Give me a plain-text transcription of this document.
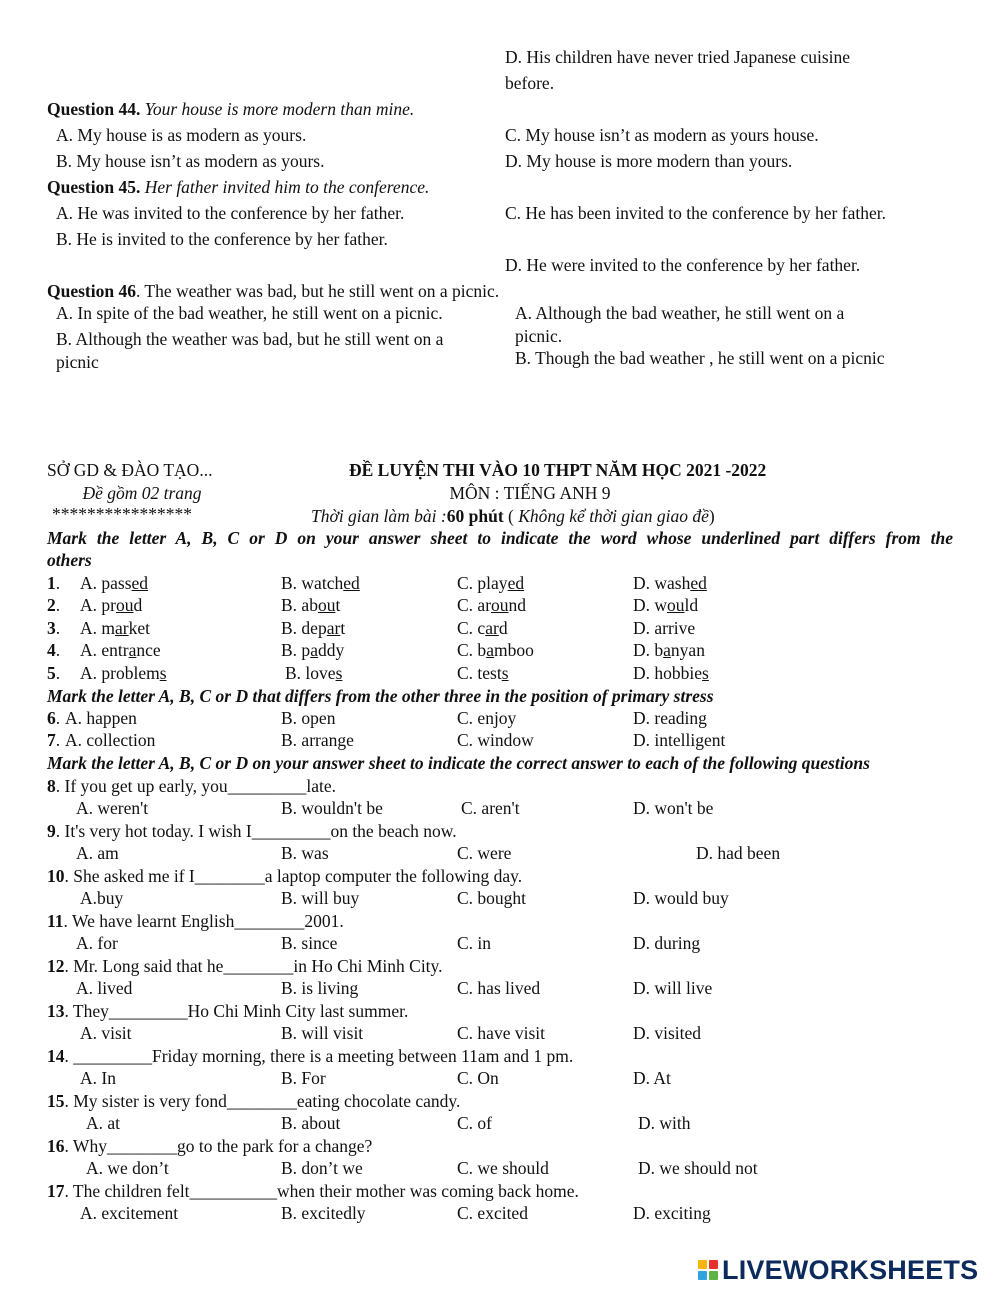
D. His children have never tried Japanese cuisine
before.
Question 44. Your house is more modern than mine.
A. My house is as modern as yours.	C. My house isn’t as modern as yours house.
B. My house isn’t as modern as yours.	D. My house is more modern than yours.
Question 45. Her father invited him to the conference.
A. He was invited to the conference by her father.	C. He has been invited to the conference by her father.
B. He is invited to the conference by her father.
D. He were invited to the conference by her father.
Question 46. The weather was bad, but he still went on a picnic.
A. In spite of the bad weather, he still went on a picnic.	A. Although the bad weather, he still went on a
picnic.
B. Although the weather was bad, but he still went on a
picnic	B. Though the bad weather , he still went on a picnic
SỞ GD & ĐÀO TẠO...	ĐỀ LUYỆN THI VÀO 10 THPT NĂM HỌC 2021 -2022
Đề gồm 02 trang	MÔN : TIẾNG ANH 9
****************	Thời gian làm bài :60 phút ( Không kể thời gian giao đề)
Mark the letter A, B, C or D on your answer sheet to indicate the word whose underlined part differs from the
others
1. A. passed	B. watched	C. played	D. washed
2. A. proud	B. about	C. around	D. would
3. A. market	B. depart	C. card	D. arrive
4. A. entrance	B. paddy	C. bamboo	D. banyan
5. A. problems	B. loves	C. tests	D. hobbies
Mark the letter A, B, C or D that differs from the other three in the position of primary stress
6. A. happen	B. open	C. enjoy	D. reading
7. A. collection	B. arrange	C. window	D. intelligent
Mark the letter A, B, C or D on your answer sheet to indicate the correct answer to each of the following questions
8. If you get up early, you_________late.
A. weren't	B. wouldn't be	C. aren't	D. won't be
9. It's very hot today. I wish I_________on the beach now.
A. am	B. was	C. were	D. had been
10. She asked me if I________a laptop computer the following day.
A.buy	B. will buy	C. bought	D. would buy
11. We have learnt English________2001.
A. for	B. since	C. in	D. during
12. Mr. Long said that he________in Ho Chi Minh City.
A. lived	B. is living	C. has lived	D. will live
13. They_________Ho Chi Minh City last summer.
A. visit	B. will visit	C. have visit	D. visited
14. _________Friday morning, there is a meeting between 11am and 1 pm.
A. In	B. For	C. On	D. At
15. My sister is very fond________eating chocolate candy.
A. at	B. about	C. of	D. with
16. Why________go to the park for a change?
A. we don’t	B. don’t we	C. we should	D. we should not
17. The children felt__________when their mother was coming back home.
A. excitement	B. excitedly	C. excited	D. exciting
LIVEWORKSHEETS
